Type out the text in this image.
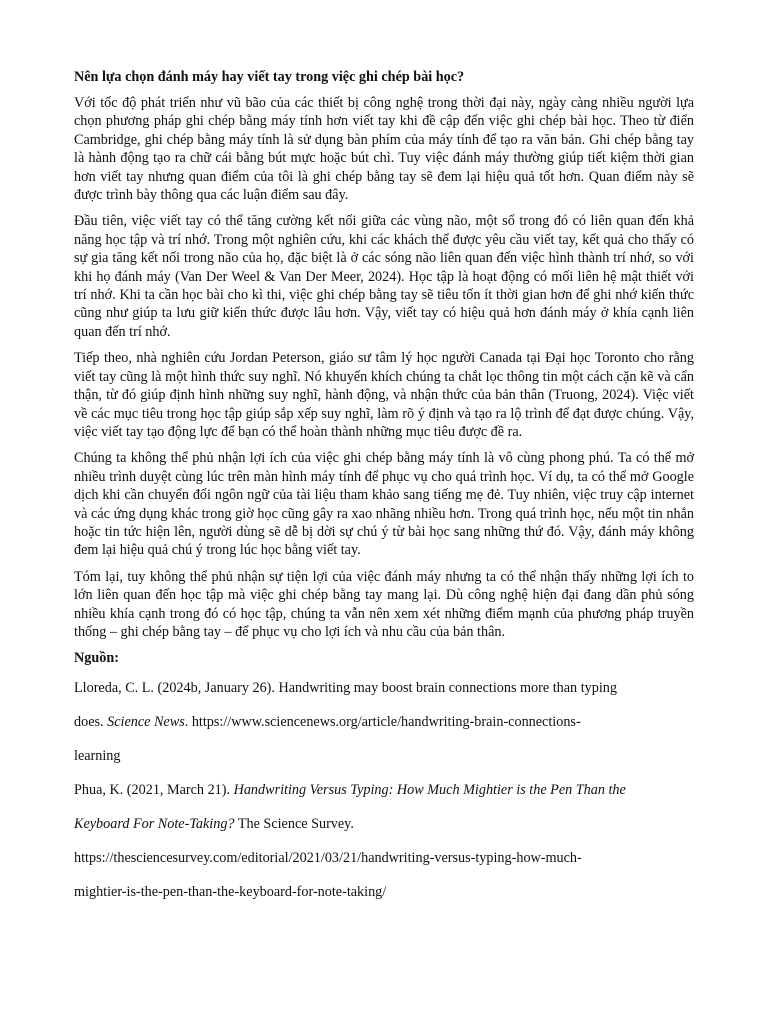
Nên lựa chọn đánh máy hay viết tay trong việc ghi chép bài học?

Với tốc độ phát triển như vũ bão của các thiết bị công nghệ trong thời đại này, ngày càng nhiều người lựa chọn phương pháp ghi chép bằng máy tính hơn viết tay khi đề cập đến việc ghi chép bài học. Theo từ điển Cambridge, ghi chép bằng máy tính là sử dụng bàn phím của máy tính để tạo ra văn bản. Ghi chép bằng tay là hành động tạo ra chữ cái bằng bút mực hoặc bút chì. Tuy việc đánh máy thường giúp tiết kiệm thời gian hơn viết tay nhưng quan điểm của tôi là ghi chép bằng tay sẽ đem lại hiệu quả tốt hơn. Quan điểm này sẽ được trình bày thông qua các luận điểm sau đây.

Đầu tiên, việc viết tay có thể tăng cường kết nối giữa các vùng não, một số trong đó có liên quan đến khả năng học tập và trí nhớ. Trong một nghiên cứu, khi các khách thể được yêu cầu viết tay, kết quả cho thấy có sự gia tăng kết nối trong não của họ, đặc biệt là ở các sóng não liên quan đến việc hình thành trí nhớ, so với khi họ đánh máy (Van Der Weel & Van Der Meer, 2024). Học tập là hoạt động có mối liên hệ mật thiết với trí nhớ. Khi ta cần học bài cho kì thi, việc ghi chép bằng tay sẽ tiêu tốn ít thời gian hơn để ghi nhớ kiến thức cũng như giúp ta lưu giữ kiến thức được lâu hơn. Vậy, viết tay có hiệu quả hơn đánh máy ở khía cạnh liên quan đến trí nhớ.

Tiếp theo, nhà nghiên cứu Jordan Peterson, giáo sư tâm lý học người Canada tại Đại học Toronto cho rằng viết tay cũng là một hình thức suy nghĩ. Nó khuyến khích chúng ta chắt lọc thông tin một cách cặn kẽ và cẩn thận, từ đó giúp định hình những suy nghĩ, hành động, và nhận thức của bản thân (Truong, 2024). Việc viết về các mục tiêu trong học tập giúp sắp xếp suy nghĩ, làm rõ ý định và tạo ra lộ trình để đạt được chúng. Vậy, việc viết tay tạo động lực để bạn có thể hoàn thành những mục tiêu được đề ra.

Chúng ta không thể phủ nhận lợi ích của việc ghi chép bằng máy tính là vô cùng phong phú. Ta có thể mở nhiều trình duyệt cùng lúc trên màn hình máy tính để phục vụ cho quá trình học. Ví dụ, ta có thể mở Google dịch khi cần chuyển đổi ngôn ngữ của tài liệu tham khảo sang tiếng mẹ đẻ. Tuy nhiên, việc truy cập internet và các ứng dụng khác trong giờ học cũng gây ra xao nhãng nhiều hơn. Trong quá trình học, nếu một tin nhắn hoặc tin tức hiện lên, người dùng sẽ dễ bị dời sự chú ý từ bài học sang những thứ đó. Vậy, đánh máy không đem lại hiệu quả chú ý trong lúc học bằng viết tay.

Tóm lại, tuy không thể phủ nhận sự tiện lợi của việc đánh máy nhưng ta có thể nhận thấy những lợi ích to lớn liên quan đến học tập mà việc ghi chép bằng tay mang lại. Dù công nghệ hiện đại đang dần phủ sóng nhiều khía cạnh trong đó có học tập, chúng ta vẫn nên xem xét những điểm mạnh của phương pháp truyền thống – ghi chép bằng tay – để phục vụ cho lợi ích và nhu cầu của bản thân.

Nguồn:
Lloreda, C. L. (2024b, January 26). Handwriting may boost brain connections more than typing
does. Science News. https://www.sciencenews.org/article/handwriting-brain-connections-
learning
Phua, K. (2021, March 21). Handwriting Versus Typing: How Much Mightier is the Pen Than the
Keyboard For Note-Taking? The Science Survey.
https://thesciencesurvey.com/editorial/2021/03/21/handwriting-versus-typing-how-much-
mightier-is-the-pen-than-the-keyboard-for-note-taking/
